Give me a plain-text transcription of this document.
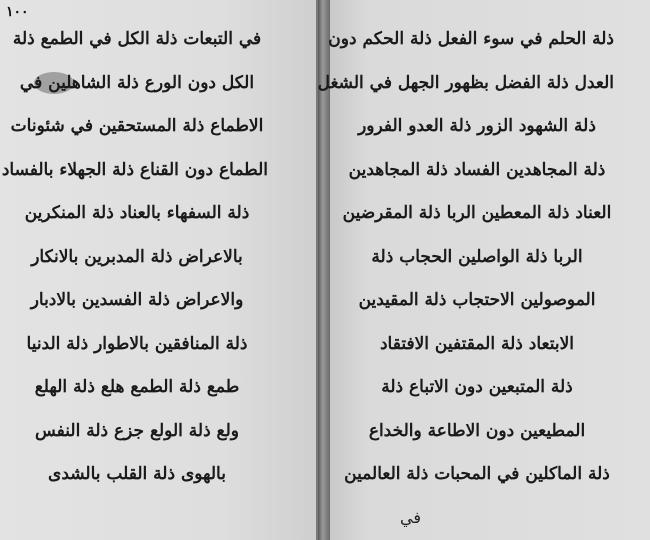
١٠٠
في التبعات ذلة الكل في الطمع ذلة
الكل دون الورع ذلة الشاهلين في
الاطماع ذلة المستحقين في شئونات
الطماع دون القناع ذلة الجهلاء بالفساد
ذلة السفهاء بالعناد ذلة المنكرين
بالاعراض ذلة المدبرين بالانكار
والاعراض ذلة الفسدين بالادبار
ذلة المنافقين بالاطوار ذلة الدنيا
طمع ذلة الطمع هلع ذلة الهلع
ولع ذلة الولع جزع ذلة النفس
بالهوى ذلة القلب بالشدى
ذلة الحلم في سوء الفعل ذلة الحكم دون
العدل ذلة الفضل بظهور الجهل في الشغل
ذلة الشهود الزور ذلة العدو الفرور
ذلة المجاهدين الفساد ذلة المجاهدين
العناد ذلة المعطين الربا ذلة المقرضين
الربا ذلة الواصلين الحجاب ذلة
الموصولين الاحتجاب ذلة المقيدين
الابتعاد ذلة المقتفين الافتقاد
ذلة المتبعين دون الاتباع ذلة
المطيعين دون الاطاعة والخداع
ذلة الماكلين في المحبات ذلة العالمين
في
